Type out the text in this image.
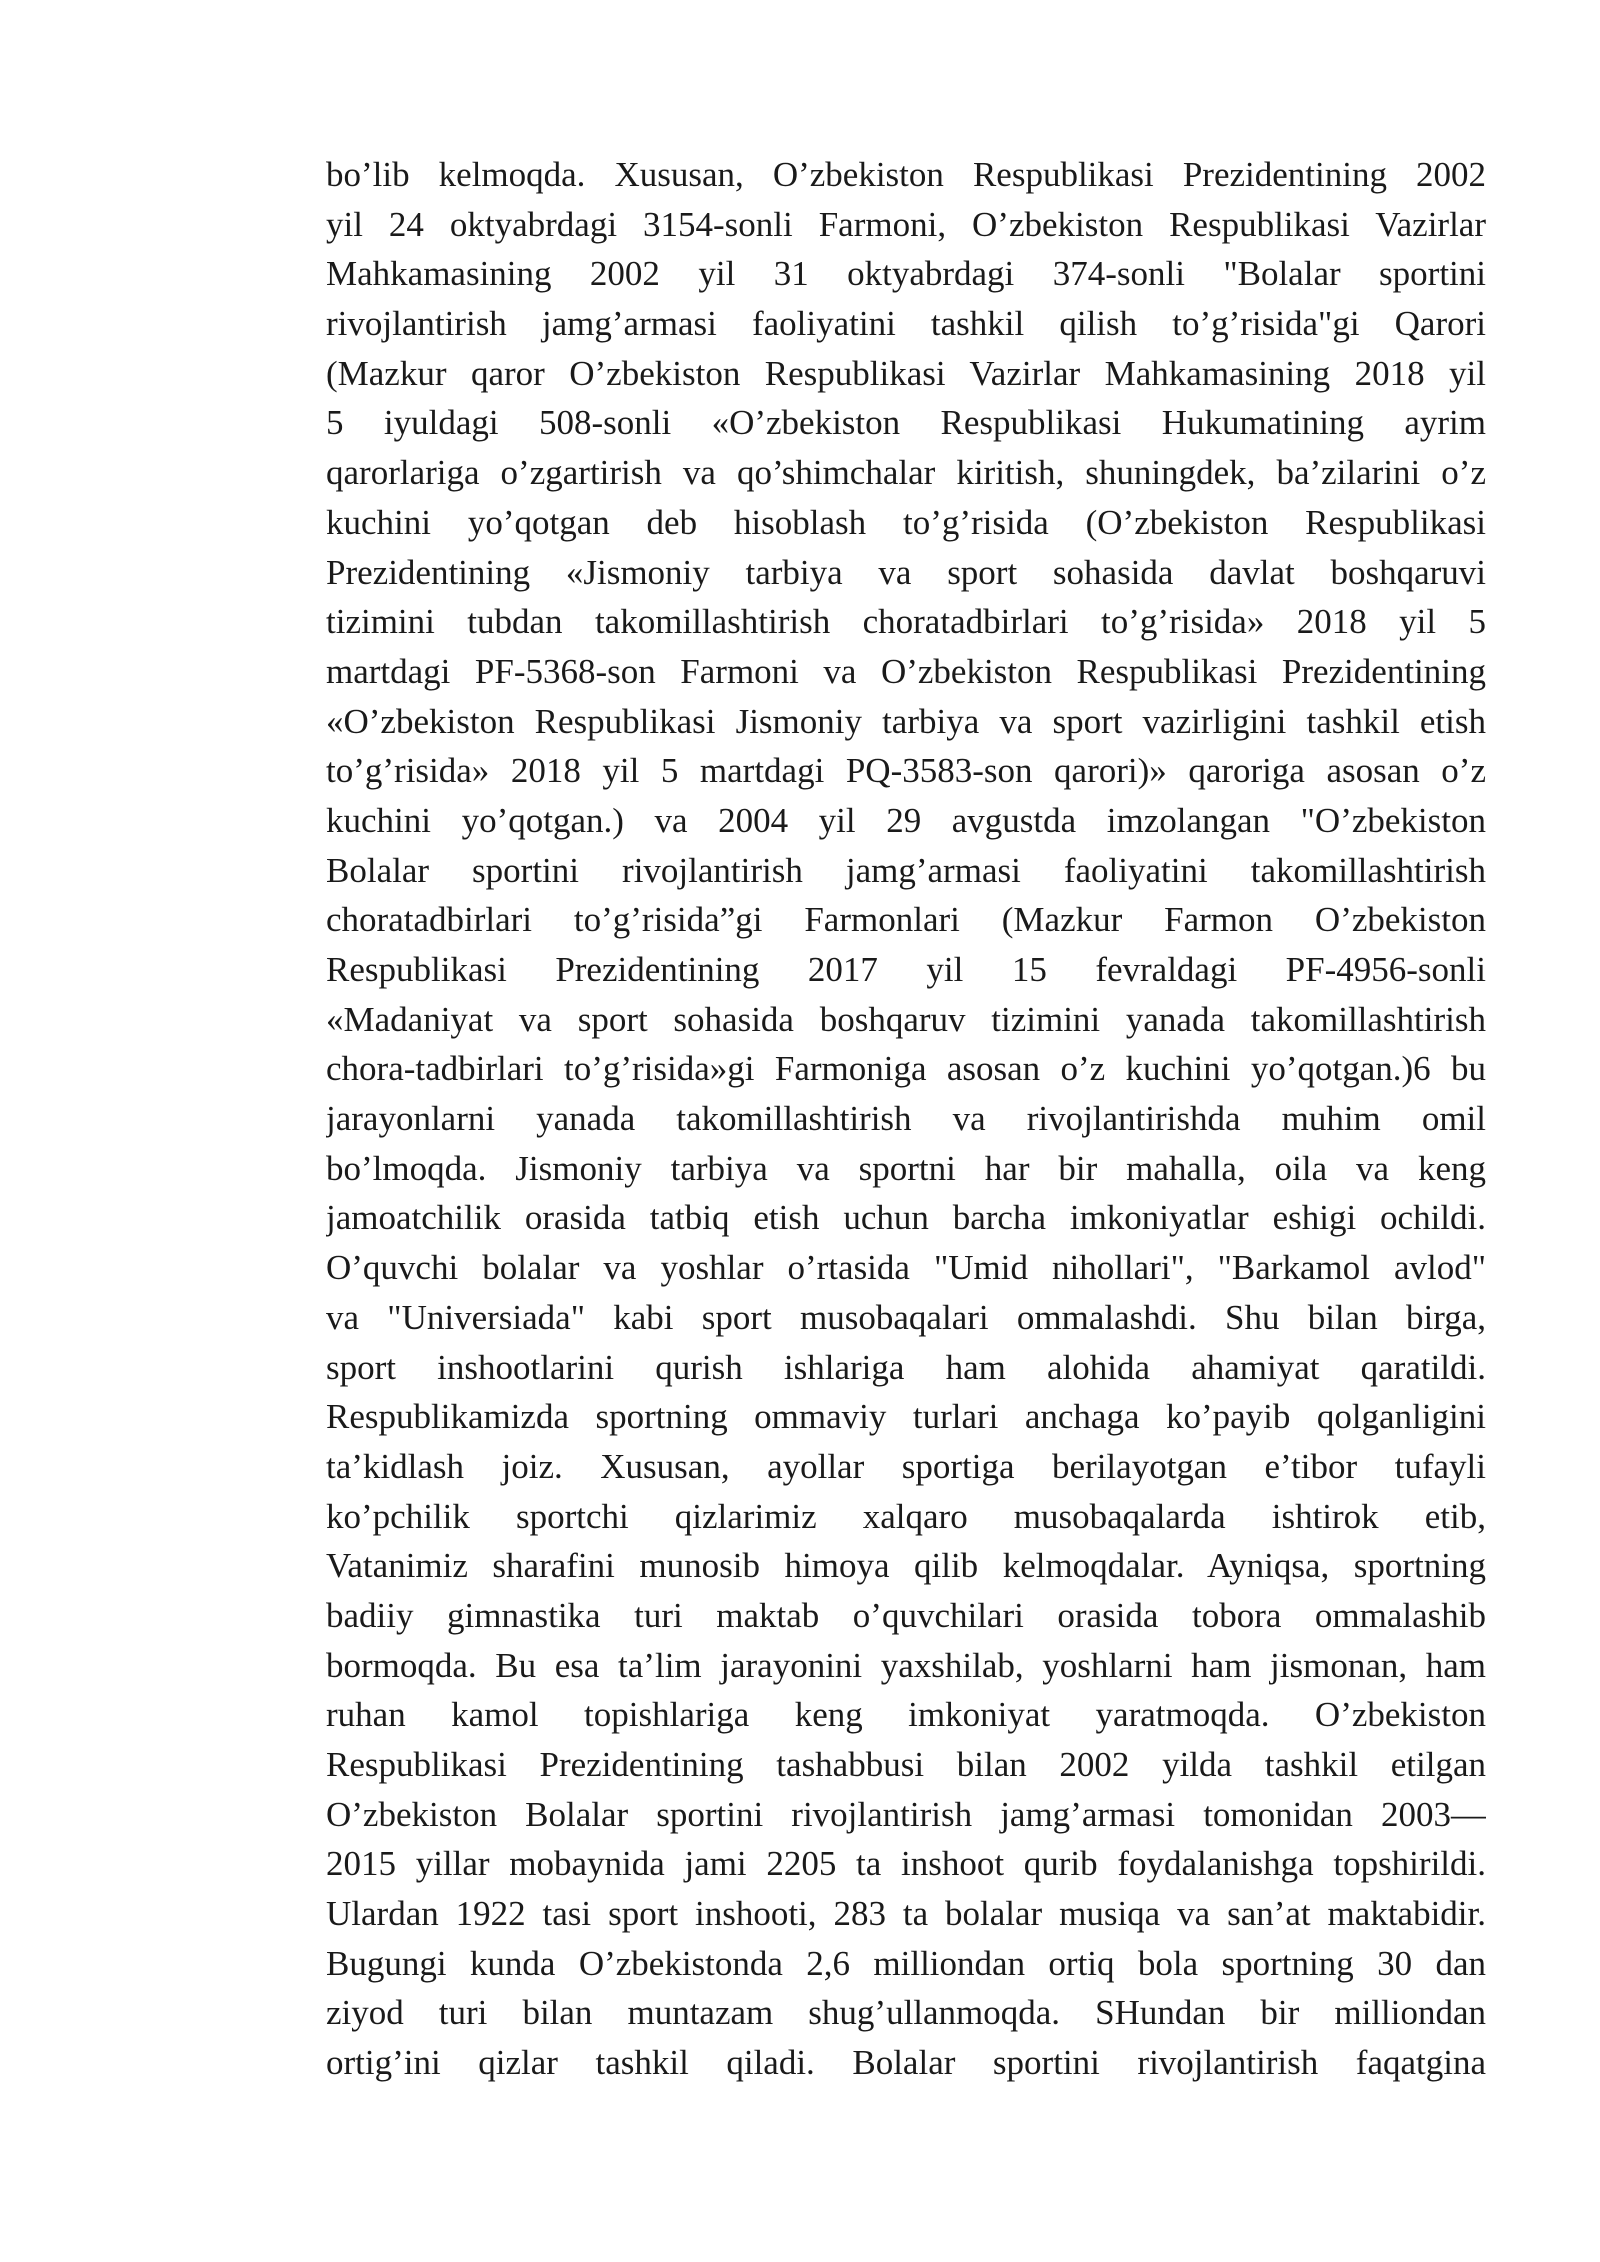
bo’lib kelmoqda. Xususan, O’zbekiston Respublikasi Prezidentining 2002
yil 24 oktyabrdagi 3154-sonli Farmoni, O’zbekiston Respublikasi Vazirlar
Mahkamasining 2002 yil 31 oktyabrdagi 374-sonli "Bolalar sportini
rivojlantirish jamg’armasi faoliyatini tashkil qilish to’g’risida"gi Qarori
(Mazkur qaror O’zbekiston Respublikasi Vazirlar Mahkamasining 2018 yil
5 iyuldagi 508-sonli «O’zbekiston Respublikasi Hukumatining ayrim
qarorlariga o’zgartirish va qo’shimchalar kiritish, shuningdek, ba’zilarini o’z
kuchini yo’qotgan deb hisoblash to’g’risida (O’zbekiston Respublikasi
Prezidentining «Jismoniy tarbiya va sport sohasida davlat boshqaruvi
tizimini tubdan takomillashtirish choratadbirlari to’g’risida» 2018 yil 5
martdagi PF-5368-son Farmoni va O’zbekiston Respublikasi Prezidentining
«O’zbekiston Respublikasi Jismoniy tarbiya va sport vazirligini tashkil etish
to’g’risida» 2018 yil 5 martdagi PQ-3583-son qarori)» qaroriga asosan o’z
kuchini yo’qotgan.) va 2004 yil 29 avgustda imzolangan "O’zbekiston
Bolalar sportini rivojlantirish jamg’armasi faoliyatini takomillashtirish
choratadbirlari to’g’risida”gi Farmonlari (Mazkur Farmon O’zbekiston
Respublikasi Prezidentining 2017 yil 15 fevraldagi PF-4956-sonli
«Madaniyat va sport sohasida boshqaruv tizimini yanada takomillashtirish
chora-tadbirlari to’g’risida»gi Farmoniga asosan o’z kuchini yo’qotgan.)6 bu
jarayonlarni yanada takomillashtirish va rivojlantirishda muhim omil
bo’lmoqda. Jismoniy tarbiya va sportni har bir mahalla, oila va keng
jamoatchilik orasida tatbiq etish uchun barcha imkoniyatlar eshigi ochildi.
O’quvchi bolalar va yoshlar o’rtasida "Umid nihollari", "Barkamol avlod"
va "Universiada" kabi sport musobaqalari ommalashdi. Shu bilan birga,
sport inshootlarini qurish ishlariga ham alohida ahamiyat qaratildi.
Respublikamizda sportning ommaviy turlari anchaga ko’payib qolganligini
ta’kidlash joiz. Xususan, ayollar sportiga berilayotgan e’tibor tufayli
ko’pchilik sportchi qizlarimiz xalqaro musobaqalarda ishtirok etib,
Vatanimiz sharafini munosib himoya qilib kelmoqdalar. Ayniqsa, sportning
badiiy gimnastika turi maktab o’quvchilari orasida tobora ommalashib
bormoqda. Bu esa ta’lim jarayonini yaxshilab, yoshlarni ham jismonan, ham
ruhan kamol topishlariga keng imkoniyat yaratmoqda. O’zbekiston
Respublikasi Prezidentining tashabbusi bilan 2002 yilda tashkil etilgan
O’zbekiston Bolalar sportini rivojlantirish jamg’armasi tomonidan 2003—
2015 yillar mobaynida jami 2205 ta inshoot qurib foydalanishga topshirildi.
Ulardan 1922 tasi sport inshooti, 283 ta bolalar musiqa va san’at maktabidir.
Bugungi kunda O’zbekistonda 2,6 milliondan ortiq bola sportning 30 dan
ziyod turi bilan muntazam shug’ullanmoqda. SHundan bir milliondan
ortig’ini qizlar tashkil qiladi. Bolalar sportini rivojlantirish faqatgina
